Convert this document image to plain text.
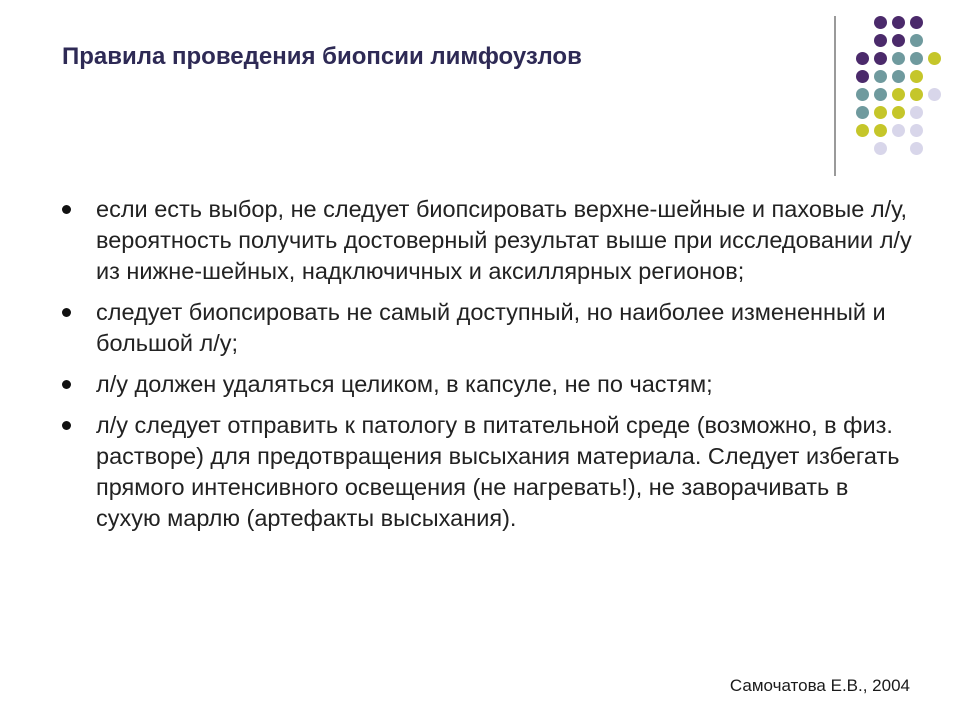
Правила проведения биопсии лимфоузлов
если есть выбор, не следует биопсировать верхне-шейные и паховые л/у, вероятность получить достоверный результат выше при исследовании л/у из нижне-шейных, надключичных и аксиллярных регионов;
следует биопсировать не самый доступный, но наиболее измененный и большой л/у;
л/у должен удаляться целиком, в капсуле, не по частям;
л/у следует отправить к патологу в питательной среде (возможно, в физ. растворе) для предотвращения высыхания материала. Следует избегать прямого интенсивного освещения (не нагревать!), не заворачивать в сухую марлю (артефакты высыхания).
Самочатова Е.В., 2004
